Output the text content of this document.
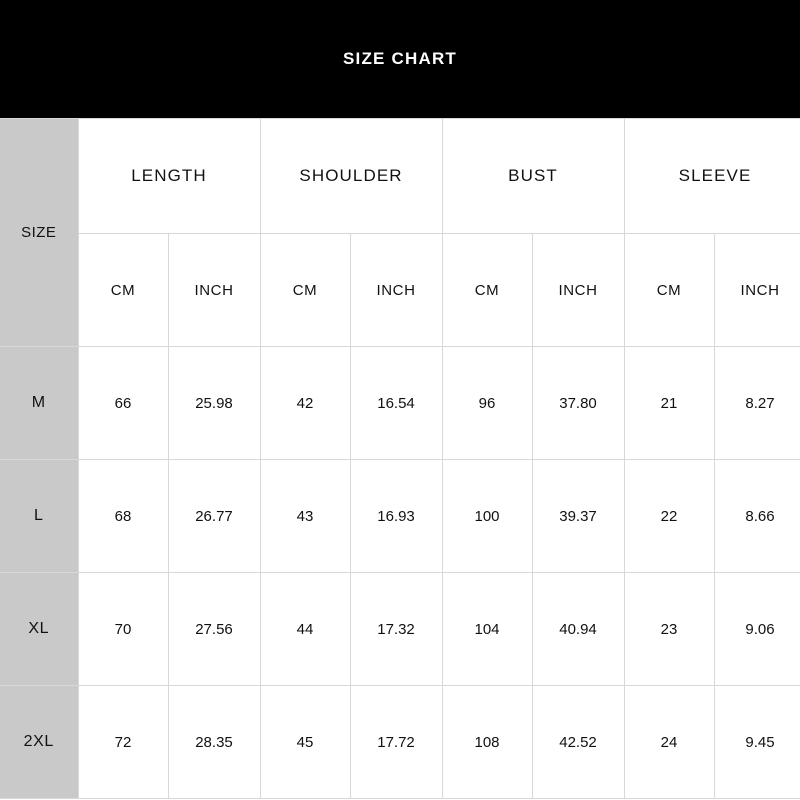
SIZE CHART
SIZE	LENGTH		SHOULDER		BUST		SLEEVE	
	CM	INCH	CM	INCH	CM	INCH	CM	INCH
M	66	25.98	42	16.54	96	37.80	21	8.27
L	68	26.77	43	16.93	100	39.37	22	8.66
XL	70	27.56	44	17.32	104	40.94	23	9.06
2XL	72	28.35	45	17.72	108	42.52	24	9.45
